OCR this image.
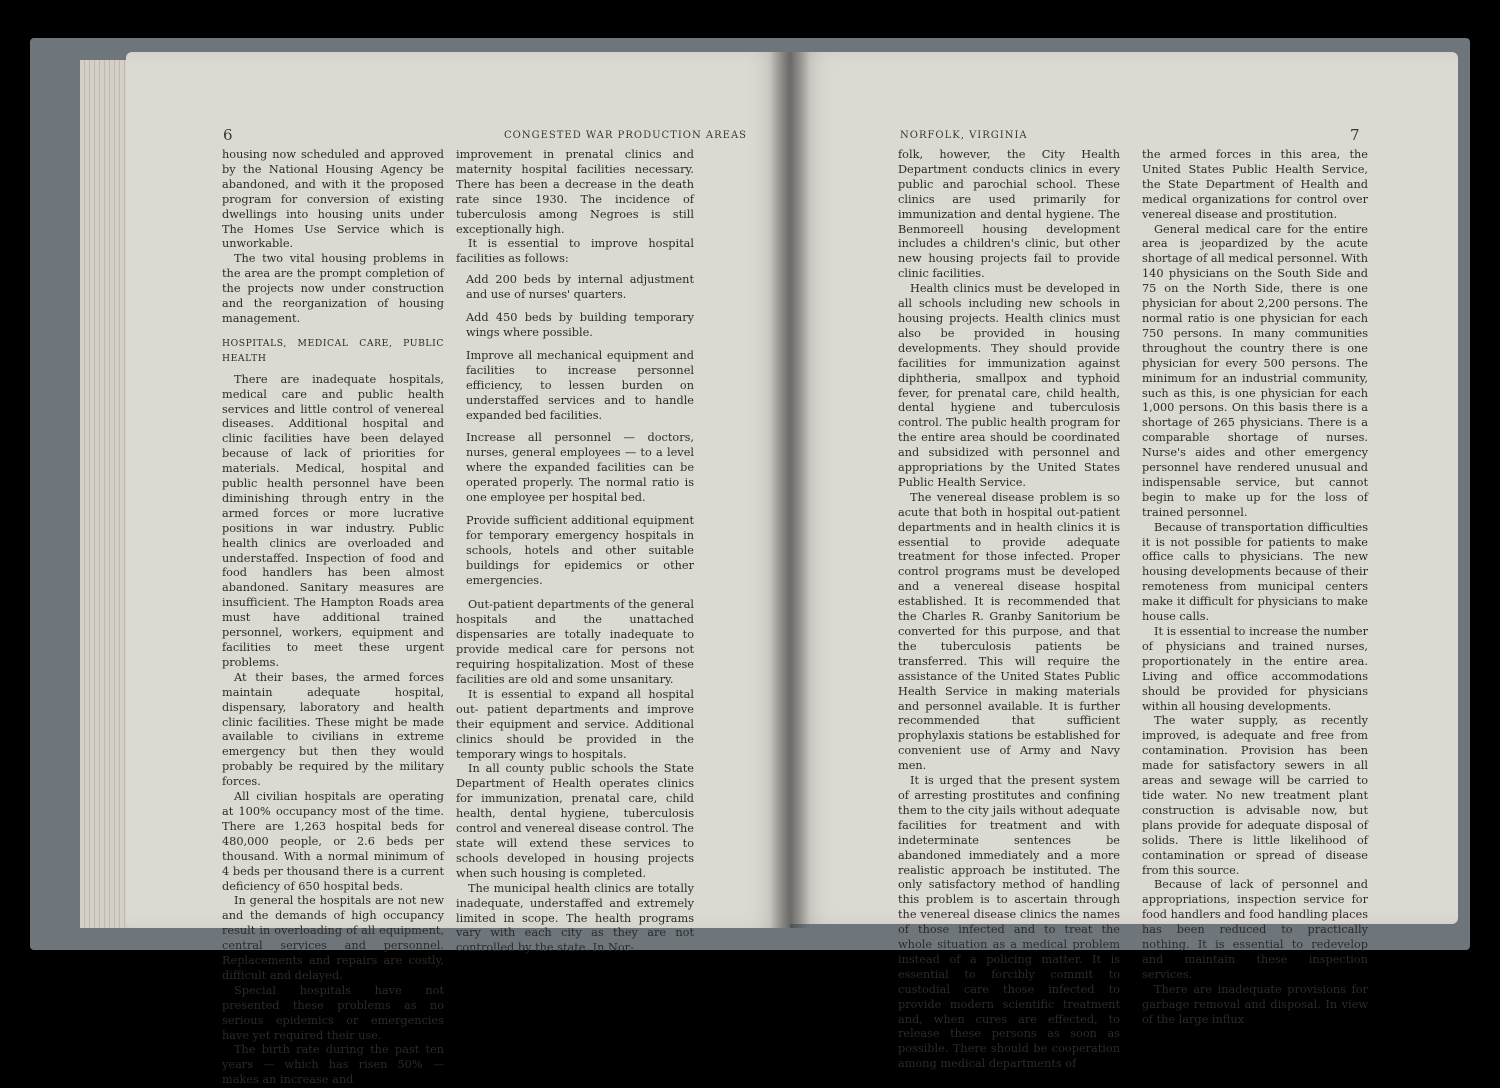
6	CONGESTED WAR PRODUCTION AREAS

housing now scheduled and approved by the National Housing Agency be abandoned, and with it the proposed program for conversion of existing dwellings into housing units under The Homes Use Service which is unworkable.

The two vital housing problems in the area are the prompt completion of the projects now under construction and the reorganization of housing management.

HOSPITALS, MEDICAL CARE, PUBLIC HEALTH

There are inadequate hospitals, medical care and public health services and little control of venereal diseases. Additional hospital and clinic facilities have been delayed because of lack of priorities for materials. Medical, hospital and public health personnel have been diminishing through entry in the armed forces or more lucrative positions in war industry. Public health clinics are overloaded and understaffed. Inspection of food and food handlers has been almost abandoned. Sanitary measures are insufficient. The Hampton Roads area must have additional trained personnel, workers, equipment and facilities to meet these urgent problems.

At their bases, the armed forces maintain adequate hospital, dispensary, laboratory and health clinic facilities. These might be made available to civilians in extreme emergency but then they would probably be required by the military forces.

All civilian hospitals are operating at 100% occupancy most of the time. There are 1,263 hospital beds for 480,000 people, or 2.6 beds per thousand. With a normal minimum of 4 beds per thousand there is a current deficiency of 650 hospital beds.

In general the hospitals are not new and the demands of high occupancy result in overloading of all equipment, central services and personnel. Replacements and repairs are costly, difficult and delayed.

Special hospitals have not presented these problems as no serious epidemics or emergencies have yet required their use.

The birth rate during the past ten years — which has risen 50% — makes an increase and

improvement in prenatal clinics and maternity hospital facilities necessary. There has been a decrease in the death rate since 1930. The incidence of tuberculosis among Negroes is still exceptionally high.

It is essential to improve hospital facilities as follows:

Add 200 beds by internal adjustment and use of nurses' quarters.

Add 450 beds by building temporary wings where possible.

Improve all mechanical equipment and facilities to increase personnel efficiency, to lessen burden on understaffed services and to handle expanded bed facilities.

Increase all personnel — doctors, nurses, general employees — to a level where the expanded facilities can be operated properly. The normal ratio is one employee per hospital bed.

Provide sufficient additional equipment for temporary emergency hospitals in schools, hotels and other suitable buildings for epidemics or other emergencies.

Out-patient departments of the general hospitals and the unattached dispensaries are totally inadequate to provide medical care for persons not requiring hospitalization. Most of these facilities are old and some unsanitary.

It is essential to expand all hospital out- patient departments and improve their equipment and service. Additional clinics should be provided in the temporary wings to hospitals.

In all county public schools the State Department of Health operates clinics for immunization, prenatal care, child health, dental hygiene, tuberculosis control and venereal disease control. The state will extend these services to schools developed in housing projects when such housing is completed.

The municipal health clinics are totally inadequate, understaffed and extremely limited in scope. The health programs vary with each city as they are not controlled by the state. In Nor-

NORFOLK, VIRGINIA	7

folk, however, the City Health Department conducts clinics in every public and parochial school. These clinics are used primarily for immunization and dental hygiene. The Benmoreell housing development includes a children's clinic, but other new housing projects fail to provide clinic facilities.

Health clinics must be developed in all schools including new schools in housing projects. Health clinics must also be provided in housing developments. They should provide facilities for immunization against diphtheria, smallpox and typhoid fever, for prenatal care, child health, dental hygiene and tuberculosis control. The public health program for the entire area should be coordinated and subsidized with personnel and appropriations by the United States Public Health Service.

The venereal disease problem is so acute that both in hospital out-patient departments and in health clinics it is essential to provide adequate treatment for those infected. Proper control programs must be developed and a venereal disease hospital established. It is recommended that the Charles R. Granby Sanitorium be converted for this purpose, and that the tuberculosis patients be transferred. This will require the assistance of the United States Public Health Service in making materials and personnel available. It is further recommended that sufficient prophylaxis stations be established for convenient use of Army and Navy men.

It is urged that the present system of arresting prostitutes and confining them to the city jails without adequate facilities for treatment and with indeterminate sentences be abandoned immediately and a more realistic approach be instituted. The only satisfactory method of handling this problem is to ascertain through the venereal disease clinics the names of those infected and to treat the whole situation as a medical problem instead of a policing matter. It is essential to forcibly commit to custodial care those infected to provide modern scientific treatment and, when cures are effected, to release these persons as soon as possible. There should be cooperation among medical departments of

the armed forces in this area, the United States Public Health Service, the State Department of Health and medical organizations for control over venereal disease and prostitution.

General medical care for the entire area is jeopardized by the acute shortage of all medical personnel. With 140 physicians on the South Side and 75 on the North Side, there is one physician for about 2,200 persons. The normal ratio is one physician for each 750 persons. In many communities throughout the country there is one physician for every 500 persons. The minimum for an industrial community, such as this, is one physician for each 1,000 persons. On this basis there is a shortage of 265 physicians. There is a comparable shortage of nurses. Nurse's aides and other emergency personnel have rendered unusual and indispensable service, but cannot begin to make up for the loss of trained personnel.

Because of transportation difficulties it is not possible for patients to make office calls to physicians. The new housing developments because of their remoteness from municipal centers make it difficult for physicians to make house calls.

It is essential to increase the number of physicians and trained nurses, proportionately in the entire area. Living and office accommodations should be provided for physicians within all housing developments.

The water supply, as recently improved, is adequate and free from contamination. Provision has been made for satisfactory sewers in all areas and sewage will be carried to tide water. No new treatment plant construction is advisable now, but plans provide for adequate disposal of solids. There is little likelihood of contamination or spread of disease from this source.

Because of lack of personnel and appropriations, inspection service for food handlers and food handling places has been reduced to practically nothing. It is essential to redevelop and maintain these inspection services.

There are inadequate provisions for garbage removal and disposal. In view of the large influx
